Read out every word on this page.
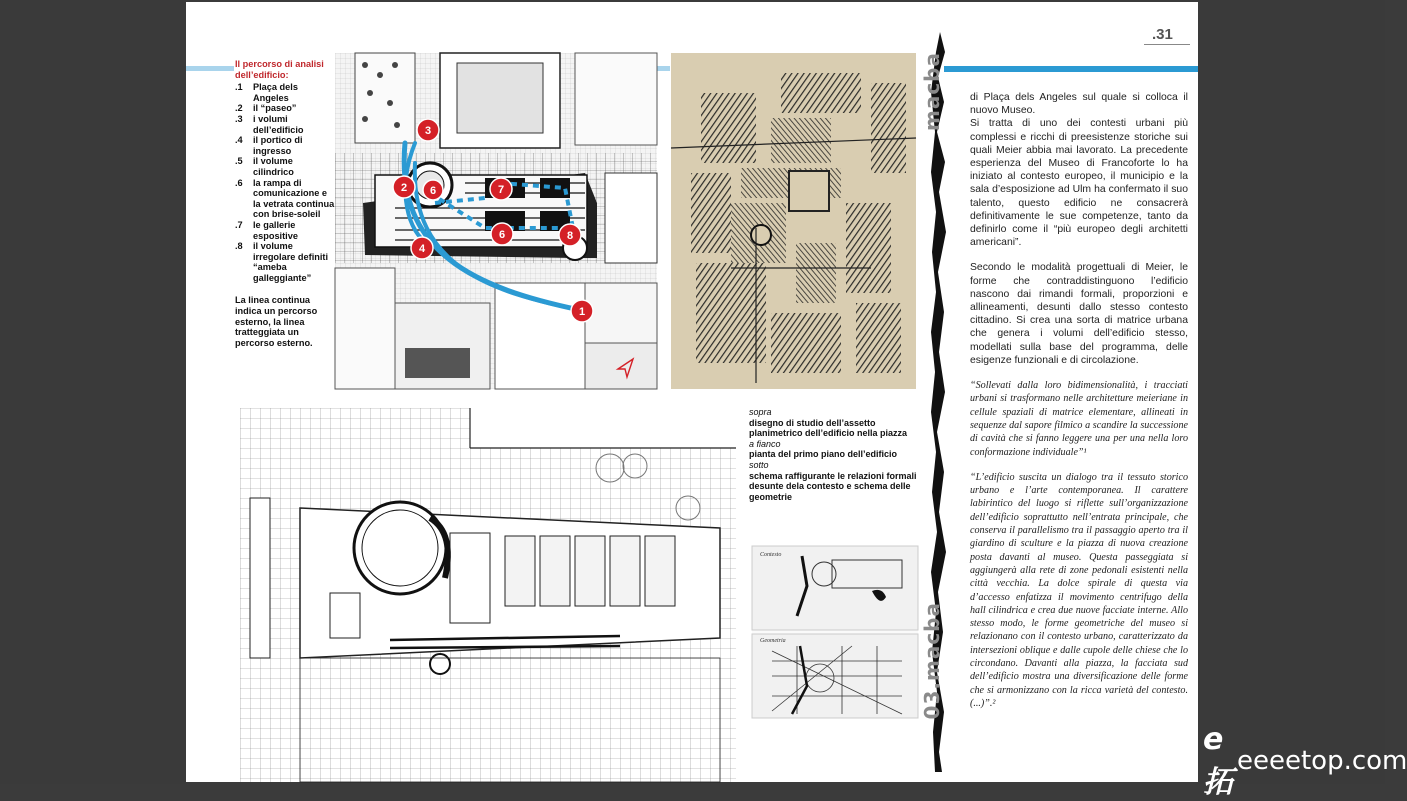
.31
Il percorso di analisi dell’edificio:
.1	Plaça dels Angeles
.2	il “paseo”
.3	i volumi dell’edificio
.4	il portico di ingresso
.5	il volume cilindrico
.6	la rampa di comunicazione e la vetrata continua con brise-soleil
.7	le gallerie espositive
.8	il volume irregolare definiti “ameba galleggiante”
La linea continua indica un percorso esterno, la linea tratteggiata un percorso esterno.
1
2
3
4
6
6
7
8
macba
03.macba
sopra
disegno di studio dell’assetto planimetrico dell’edificio nella piazza
a fianco
pianta del primo piano dell’edificio
sotto
schema raffigurante le relazioni formali desunte dela contesto e schema delle geometrie
Contesto
Geometria

di Plaça dels Angeles sul quale si colloca il nuovo Museo.

Si tratta di uno dei contesti urbani più complessi e ricchi di preesistenze storiche sui quali Meier abbia mai lavorato. La precedente esperienza del Museo di Francoforte lo ha iniziato al contesto europeo, il municipio e la sala d’esposizione ad Ulm ha confermato il suo talento, questo edificio ne consacrerà definitivamente le sue competenze, tanto da definirlo come il “più europeo degli architetti americani”.

Secondo le modalità progettuali di Meier, le forme che contraddistinguono l’edificio nascono dai rimandi formali, proporzioni e allineamenti, desunti dallo stesso contesto cittadino. Si crea una sorta di matrice urbana che genera i volumi dell’edificio stesso, modellati sulla base del programma, delle esigenze funzionali e di circolazione.

“Sollevati dalla loro bidimensionalità, i tracciati urbani si trasformano nelle architetture meieriane in cellule spaziali di matrice elementare, allineati in sequenze dal sapore filmico a scandire la successione di cavità che si fanno leggere una per una nella loro conformazione individuale”¹

“L’edificio suscita un dialogo tra il tessuto storico urbano e l’arte contemporanea. Il carattere labirintico del luogo si riflette sull’organizzazione dell’edificio soprattutto nell’entrata principale, che conserva il parallelismo tra il passaggio aperto tra il giardino di sculture e la piazza di nuova creazione posta davanti al museo. Questa passeggiata si aggiungerà alla rete di zone pedonali esistenti nella città vecchia. La dolce spirale di questa via d’accesso enfatizza il movimento centrifugo della hall cilindrica e crea due nuove facciate interne. Allo stesso modo, le forme geometriche del museo si relazionano con il contesto urbano, caratterizzato da intersezioni oblique e dalle cupole delle chiese che lo circondano. Davanti alla piazza, la facciata sud dell’edificio mostra una diversificazione delle forme che si armonizzano con la ricca varietà del contesto. (...)”.²

e拓
eeeetop.com
